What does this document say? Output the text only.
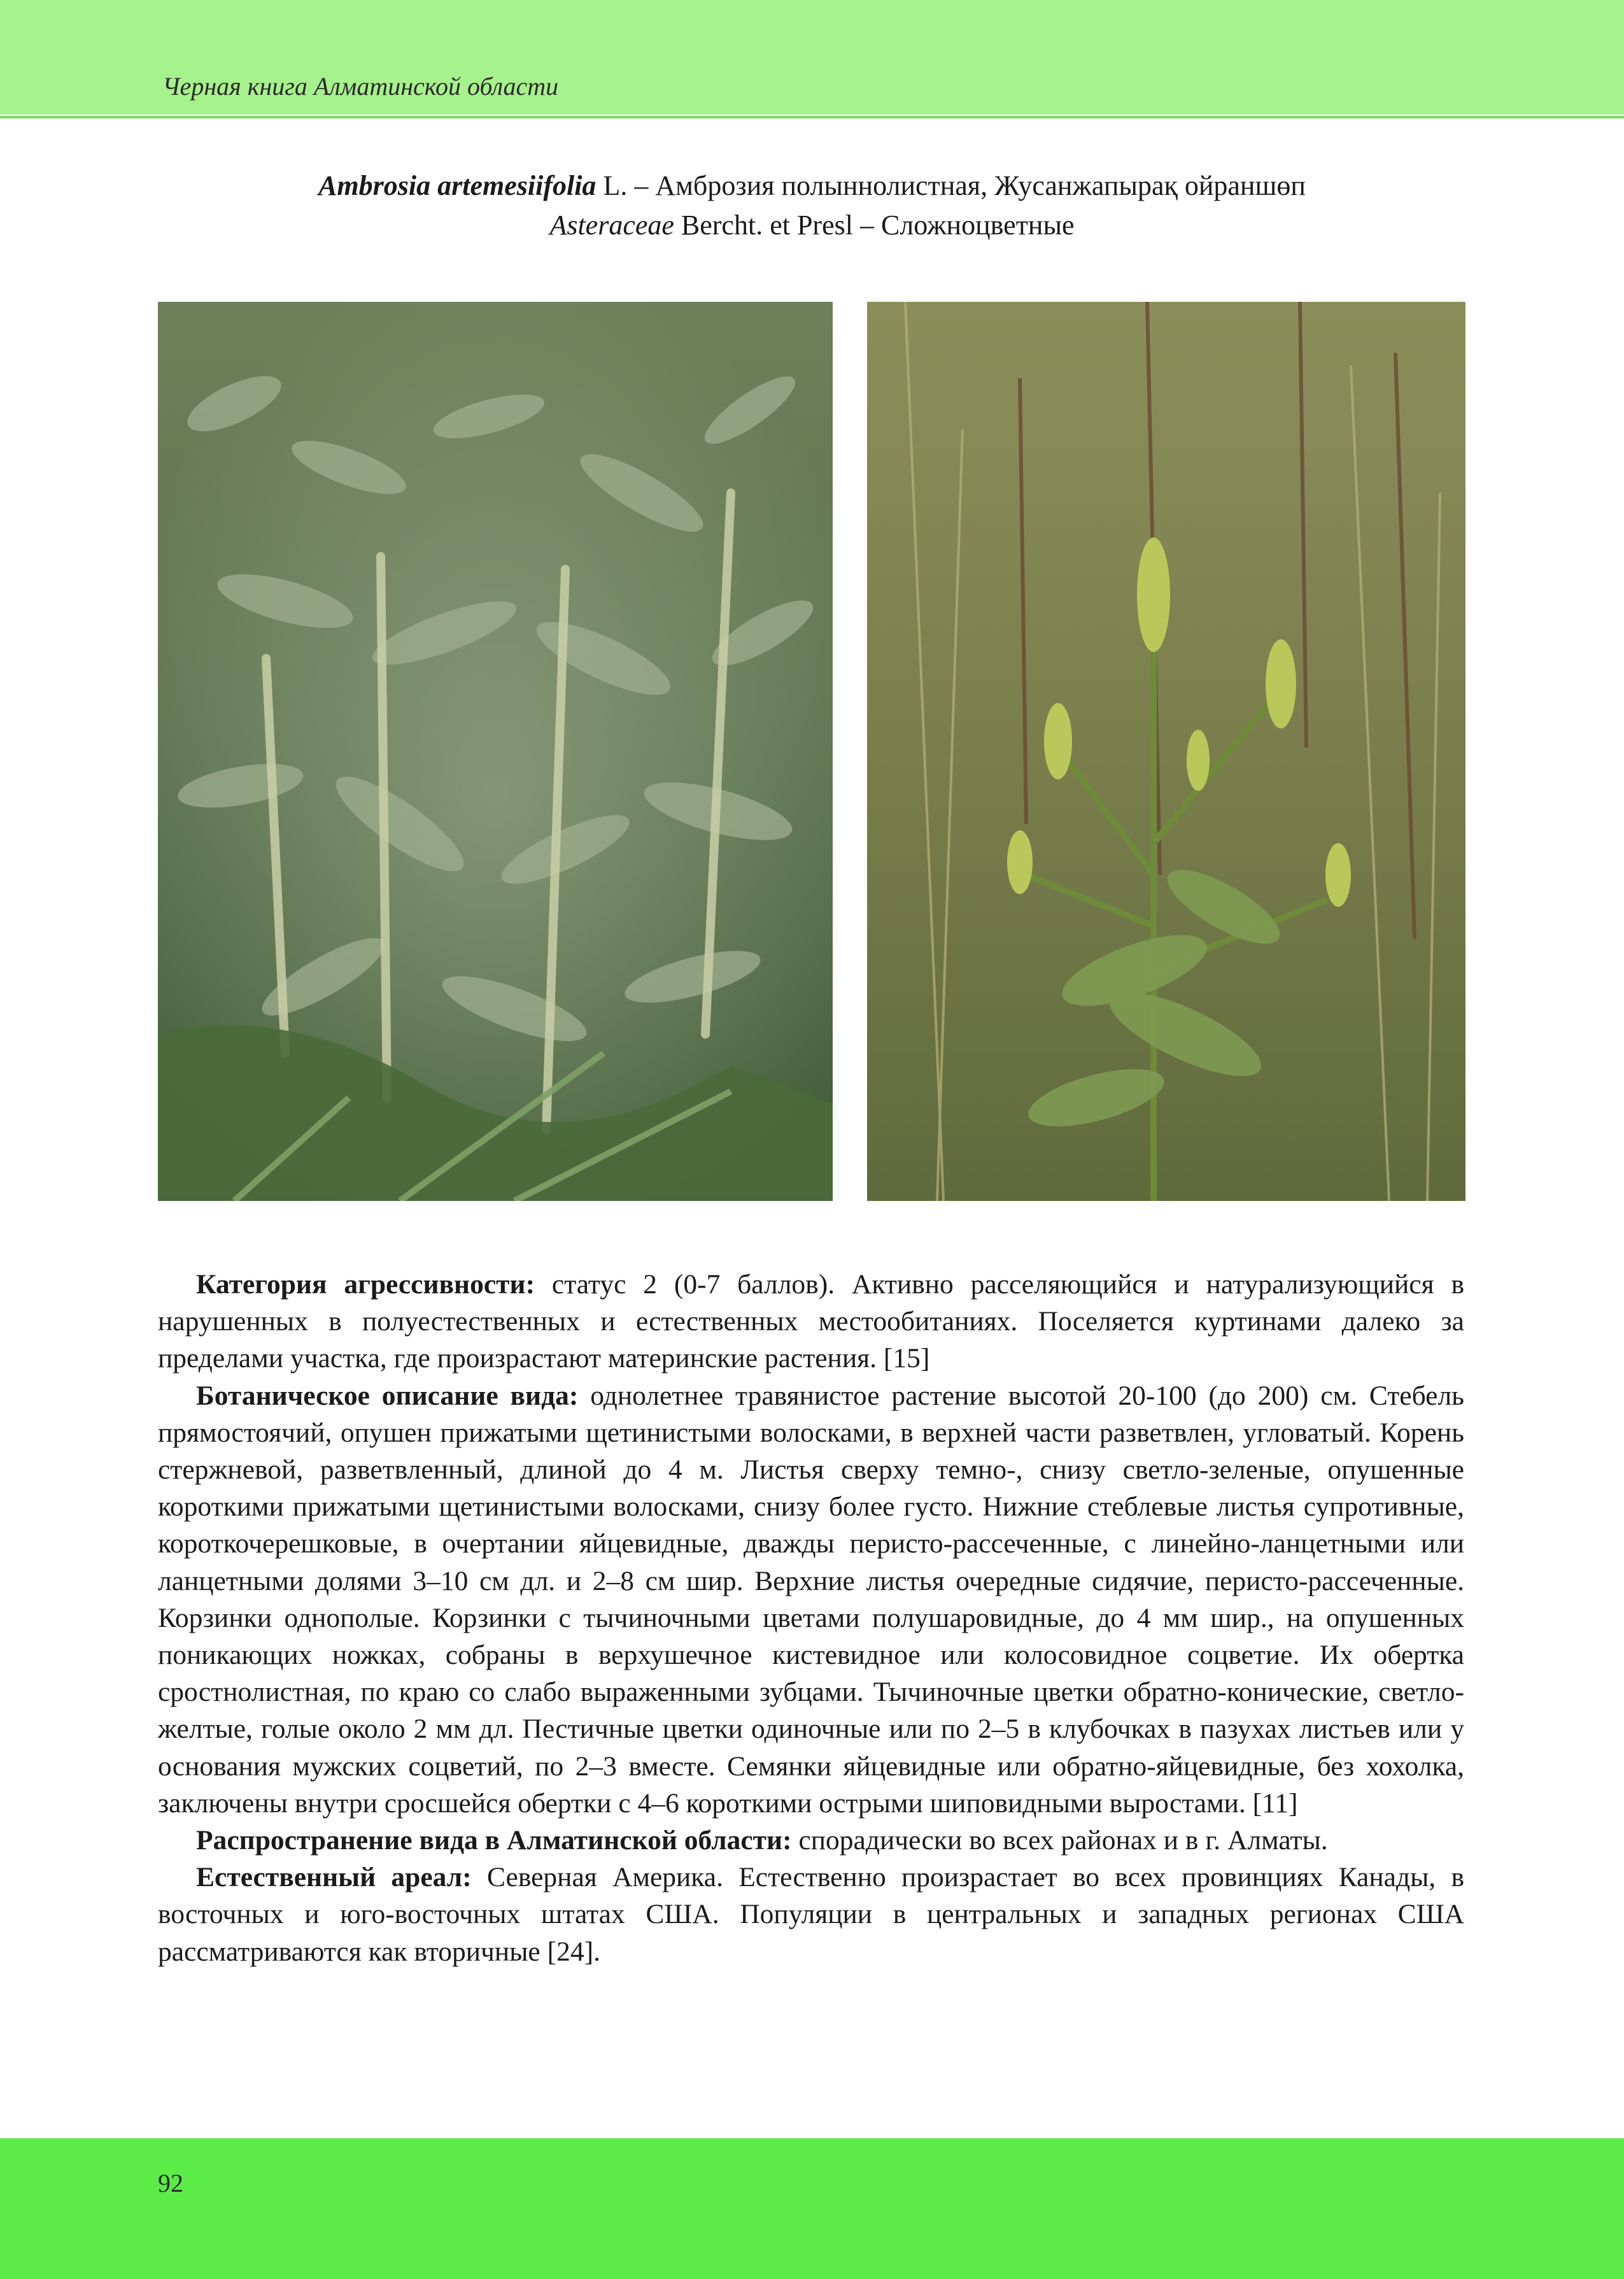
Черная книга Алматинской области
Ambrosia artemesiifolia L. – Амброзия полыннолистная, Жусанжапырақ ойраншөп
Asteraceae Bercht. et Presl – Сложноцветные

Категория агрессивности: статус 2 (0-7 баллов). Активно расселяющийся и натурализующийся в нарушенных в полуестественных и естественных местообитаниях. Поселяется куртинами далеко за пределами участка, где произрастают материнские растения. [15]

Ботаническое описание вида: однолетнее травянистое растение высотой 20-100 (до 200) см. Стебель прямостоячий, опушен прижатыми щетинистыми волосками, в верхней части разветвлен, угловатый. Корень стержневой, разветвленный, длиной до 4 м. Листья сверху темно-, снизу светло-зеленые, опушенные короткими прижатыми щетинистыми волосками, снизу более густо. Нижние стеблевые листья супротивные, короткочерешковые, в очертании яйцевидные, дважды перисто-рассеченные, с линейно-ланцетными или ланцетными долями 3–10 см дл. и 2–8 см шир. Верхние листья очередные сидячие, перисто-рассеченные. Корзинки однополые. Корзинки с тычиночными цветами полушаровидные, до 4 мм шир., на опушенных поникающих ножках, собраны в верхушечное кистевидное или колосовидное соцветие. Их обертка сростнолистная, по краю со слабо выраженными зубцами. Тычиночные цветки обратно-конические, светло-желтые, голые около 2 мм дл. Пестичные цветки одиночные или по 2–5 в клубочках в пазухах листьев или у основания мужских соцветий, по 2–3 вместе. Семянки яйцевидные или обратно-яйцевидные, без хохолка, заключены внутри сросшейся обертки с 4–6 короткими острыми шиповидными выростами. [11]

Распространение вида в Алматинской области: спорадически во всех районах и в г. Алматы.

Естественный ареал: Северная Америка. Естественно произрастает во всех провинциях Канады, в восточных и юго-восточных штатах США. Популяции в центральных и западных регионах США рассматриваются как вторичные [24].

92
